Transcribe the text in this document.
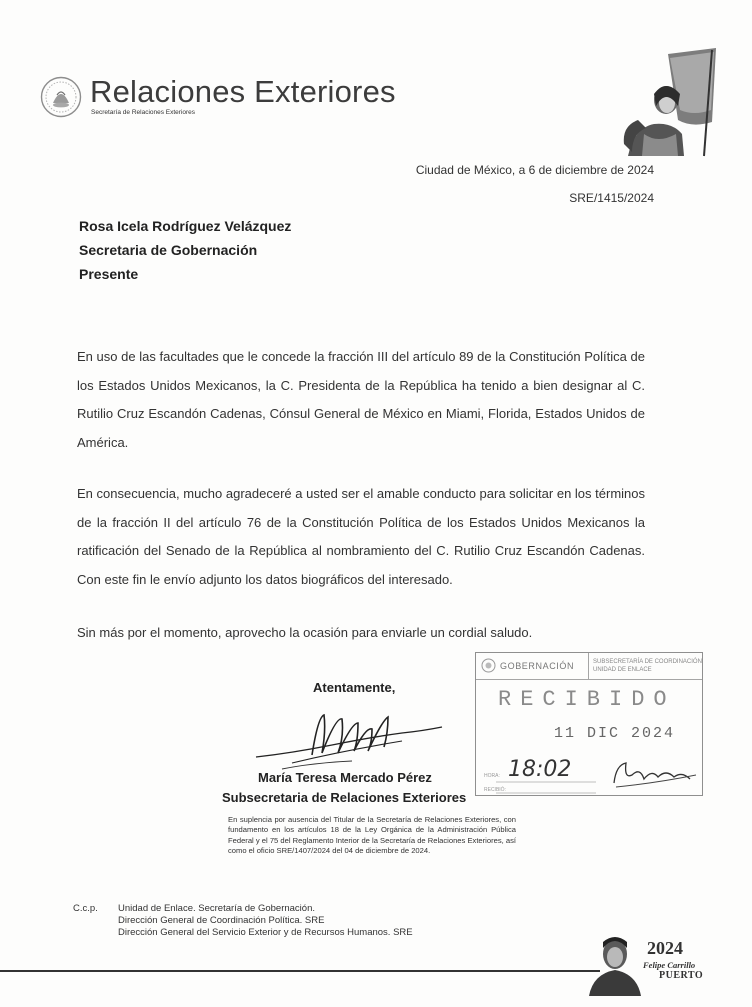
Relaciones Exteriores
Secretaría de Relaciones Exteriores
Ciudad de México, a 6 de diciembre de 2024
SRE/1415/2024
Rosa Icela Rodríguez Velázquez
Secretaria de Gobernación
Presente

En uso de las facultades que le concede la fracción III del artículo 89 de la Constitución Política de los Estados Unidos Mexicanos, la C. Presidenta de la República ha tenido a bien designar al C. Rutilio Cruz Escandón Cadenas, Cónsul General de México en Miami, Florida, Estados Unidos de América.

En consecuencia, mucho agradeceré a usted ser el amable conducto para solicitar en los términos de la fracción II del artículo 76 de la Constitución Política de los Estados Unidos Mexicanos la ratificación del Senado de la República al nombramiento del C. Rutilio Cruz Escandón Cadenas. Con este fin le envío adjunto los datos biográficos del interesado.

Sin más por el momento, aprovecho la ocasión para enviarle un cordial saludo.
Atentamente,
María Teresa Mercado Pérez
Subsecretaria de Relaciones Exteriores

En suplencia por ausencia del Titular de la Secretaría de Relaciones Exteriores, con fundamento en los artículos 18 de la Ley Orgánica de la Administración Pública Federal y el 75 del Reglamento Interior de la Secretaría de Relaciones Exteriores, así como el oficio SRE/1407/2024 del 04 de diciembre de 2024.

GOBERNACIÓN	SUBSECRETARÍA DE COORDINACIÓN
UNIDAD DE ENLACE
RECIBIDO
11 DIC 2024
HORA:
RECIBIÓ:
18:02
C.c.p. Unidad de Enlace. Secretaría de Gobernación.
Dirección General de Coordinación Política. SRE
Dirección General del Servicio Exterior y de Recursos Humanos. SRE
2024
Felipe Carrillo
PUERTO
